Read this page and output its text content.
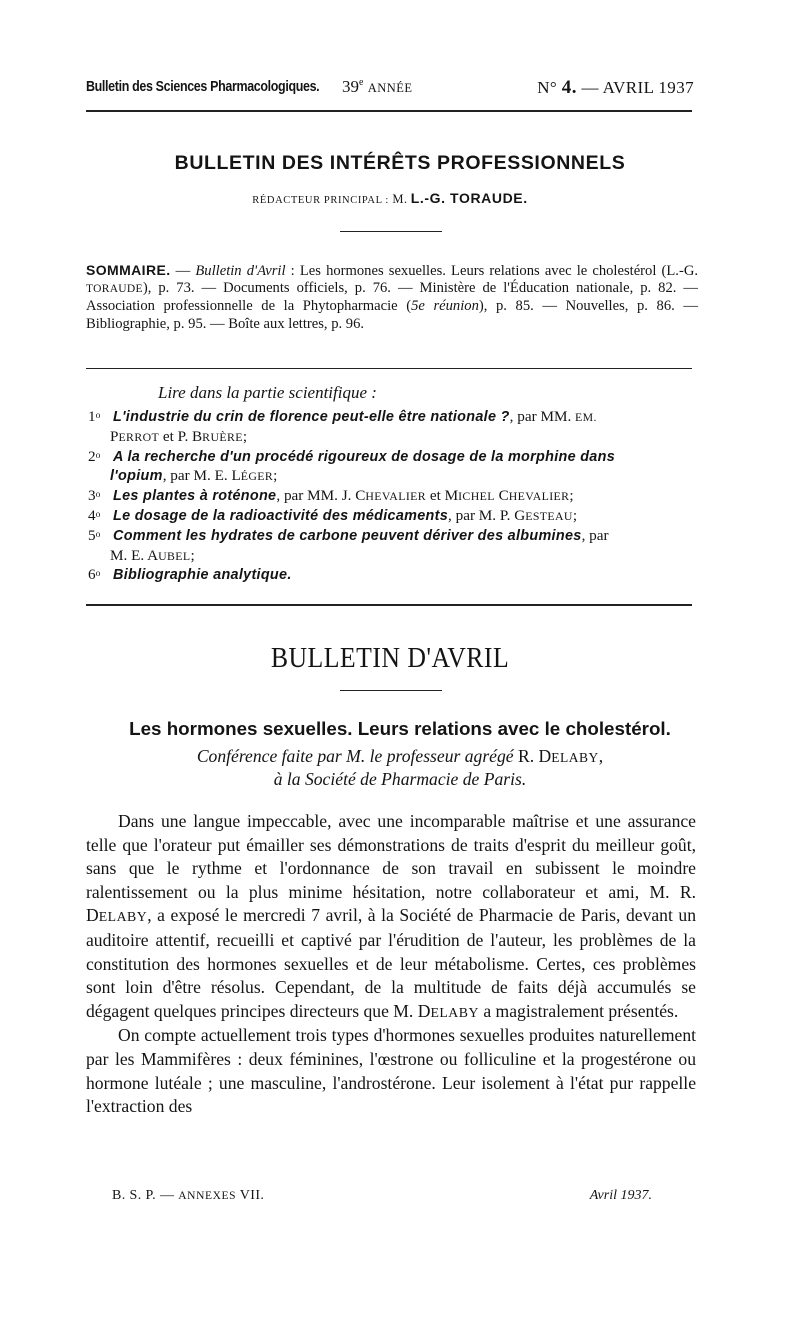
Bulletin des Sciences Pharmacologiques. 39e ANNÉE	N° 4. — AVRIL 1937
BULLETIN DES INTÉRÊTS PROFESSIONNELS
RÉDACTEUR PRINCIPAL : M. L.-G. TORAUDE.
SOMMAIRE. — Bulletin d'Avril : Les hormones sexuelles. Leurs relations avec le cholestérol (L.-G. TORAUDE), p. 73. — Documents officiels, p. 76. — Ministère de l'Éducation nationale, p. 82. — Association professionnelle de la Phytopharmacie (5e réunion), p. 85. — Nouvelles, p. 86. — Bibliographie, p. 95. — Boîte aux lettres, p. 96.
Lire dans la partie scientifique :
1$^o$ L'industrie du crin de florence peut-elle être nationale ?, par MM. EM.
PERROT et P. BRUÈRE;
2$^o$ A la recherche d'un procédé rigoureux de dosage de la morphine dans
l'opium, par M. E. LÉGER;
3$^o$ Les plantes à roténone, par MM. J. CHEVALIER et MICHEL CHEVALIER;
4$^o$ Le dosage de la radioactivité des médicaments, par M. P. GESTEAU;
5$^o$ Comment les hydrates de carbone peuvent dériver des albumines, par
M. E. AUBEL;
6$^o$ Bibliographie analytique.
BULLETIN D'AVRIL
Les hormones sexuelles. Leurs relations avec le cholestérol.
Conférence faite par M. le professeur agrégé R. DELABY,
à la Société de Pharmacie de Paris.

Dans une langue impeccable, avec une incomparable maîtrise et une assurance telle que l'orateur put émailler ses démonstrations de traits d'esprit du meilleur goût, sans que le rythme et l'ordonnance de son travail en subissent le moindre ralentissement ou la plus minime hésitation, notre collaborateur et ami, M. R. DELABY, a exposé le mercredi 7 avril, à la Société de Pharmacie de Paris, devant un auditoire attentif, recueilli et captivé par l'érudition de l'auteur, les problèmes de la constitution des hormones sexuelles et de leur métabolisme. Certes, ces problèmes sont loin d'être résolus. Cependant, de la multitude de faits déjà accumulés se dégagent quelques principes directeurs que M. DELABY a magistralement présentés.

On compte actuellement trois types d'hormones sexuelles produites naturellement par les Mammifères : deux féminines, l'œstrone ou folliculine et la progestérone ou hormone lutéale ; une masculine, l'androstérone. Leur isolement à l'état pur rappelle l'extraction des

B. S. P. — ANNEXES VII.	Avril 1937.
